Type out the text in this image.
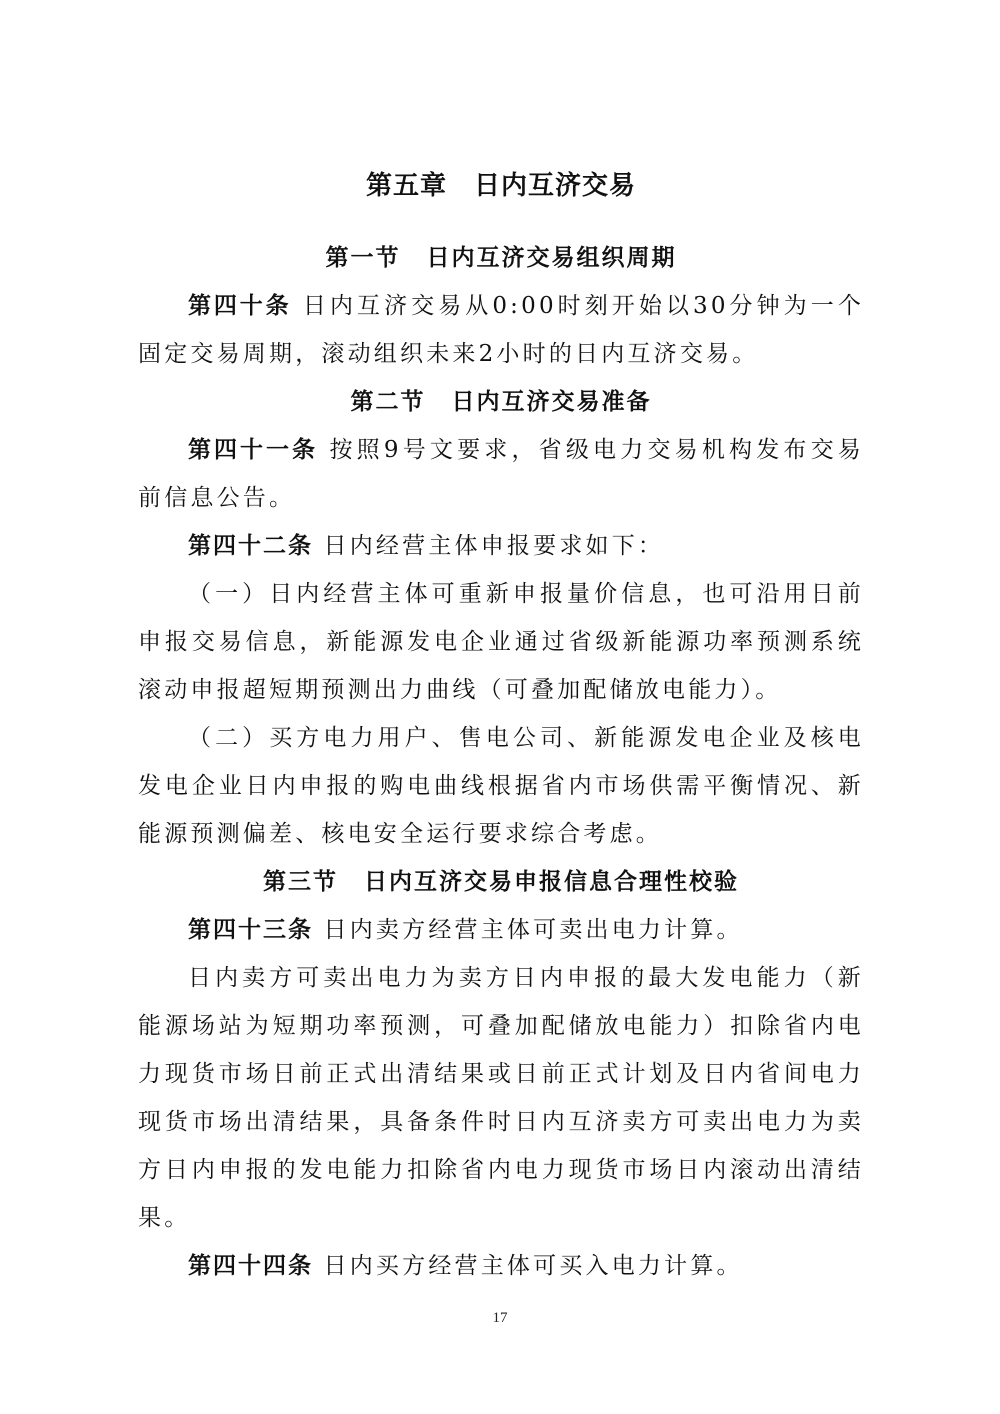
第五章　日内互济交易
第一节 日内互济交易组织周期

第四十条 日内互济交易从0:00时刻开始以30分钟为一个固定交易周期，滚动组织未来2小时的日内互济交易。

第二节 日内互济交易准备

第四十一条 按照9号文要求，省级电力交易机构发布交易前信息公告。

第四十二条 日内经营主体申报要求如下：

（一）日内经营主体可重新申报量价信息，也可沿用日前申报交易信息，新能源发电企业通过省级新能源功率预测系统滚动申报超短期预测出力曲线（可叠加配储放电能力）。

（二）买方电力用户、售电公司、新能源发电企业及核电发电企业日内申报的购电曲线根据省内市场供需平衡情况、新能源预测偏差、核电安全运行要求综合考虑。

第三节 日内互济交易申报信息合理性校验

第四十三条 日内卖方经营主体可卖出电力计算。

日内卖方可卖出电力为卖方日内申报的最大发电能力（新能源场站为短期功率预测，可叠加配储放电能力）扣除省内电力现货市场日前正式出清结果或日前正式计划及日内省间电力现货市场出清结果，具备条件时日内互济卖方可卖出电力为卖方日内申报的发电能力扣除省内电力现货市场日内滚动出清结果。

第四十四条 日内买方经营主体可买入电力计算。

17
